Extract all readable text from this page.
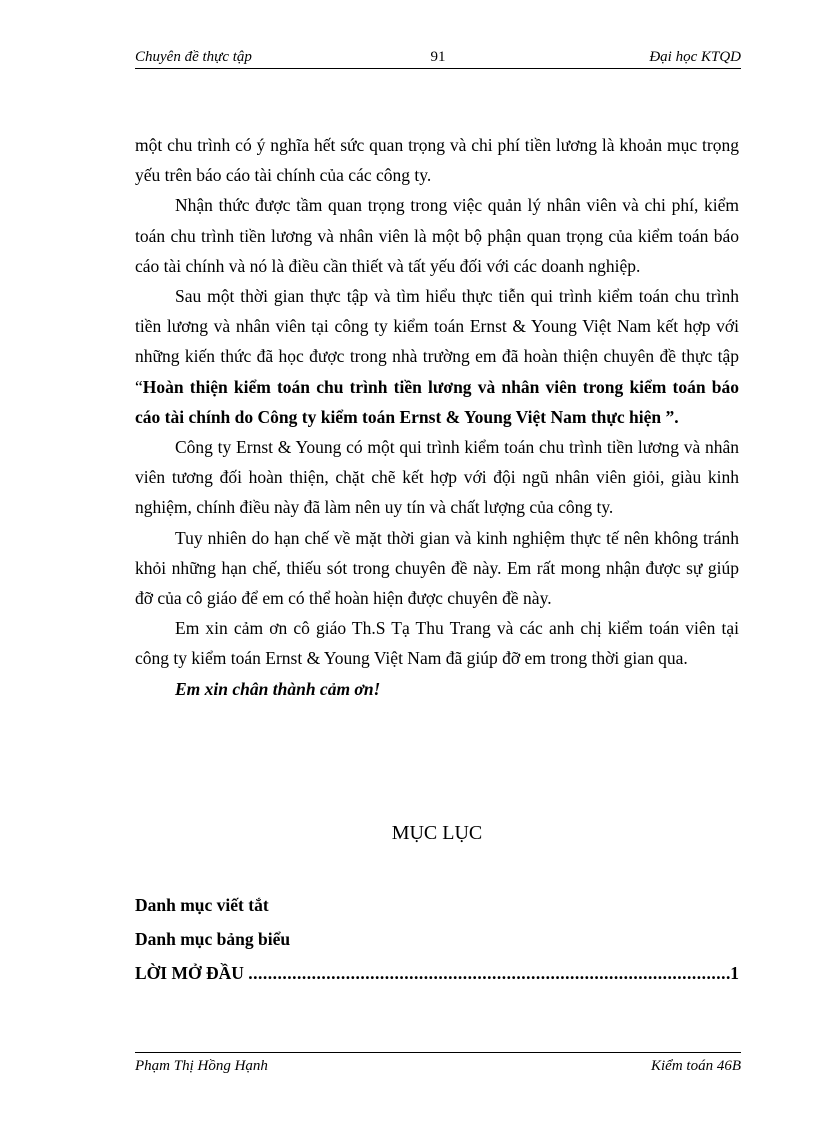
Chuyên đề thực tập	91	Đại học KTQD

một chu trình có ý nghĩa hết sức quan trọng và chi phí tiền lương là khoản mục trọng yếu trên báo cáo tài chính của các công ty.

Nhận thức được tầm quan trọng trong việc quản lý nhân viên và chi phí, kiểm toán chu trình tiền lương và nhân viên là một bộ phận quan trọng của kiểm toán báo cáo tài chính và nó là điều cần thiết và tất yếu đối với các doanh nghiệp.

Sau một thời gian thực tập và tìm hiểu thực tiễn qui trình kiểm toán chu trình tiền lương và nhân viên tại công ty kiểm toán Ernst & Young Việt Nam kết hợp với những kiến thức đã học được trong nhà trường em đã hoàn thiện chuyên đề thực tập “Hoàn thiện kiểm toán chu trình tiền lương và nhân viên trong kiểm toán báo cáo tài chính do Công ty kiểm toán Ernst & Young Việt Nam thực hiện ”.

Công ty Ernst & Young có một qui trình kiểm toán chu trình tiền lương và nhân viên tương đối hoàn thiện, chặt chẽ kết hợp với đội ngũ nhân viên giỏi, giàu kinh nghiệm, chính điều này đã làm nên uy tín và chất lượng của công ty.

Tuy nhiên do hạn chế về mặt thời gian và kinh nghiệm thực tế nên không tránh khỏi những hạn chế, thiếu sót trong chuyên đề này. Em rất mong nhận được sự giúp đỡ của cô giáo để em có thể hoàn hiện được chuyên đề này.

Em xin cảm ơn cô giáo Th.S Tạ Thu Trang và các anh chị kiểm toán viên tại công ty kiểm toán Ernst & Young Việt Nam đã giúp đỡ em trong thời gian qua.

Em xin chân thành cảm ơn!

MỤC LỤC
Danh mục viết tắt
Danh mục bảng biểu
LỜI MỞ ĐẦU

.....	1
Phạm Thị Hồng Hạnh	Kiểm toán 46B
